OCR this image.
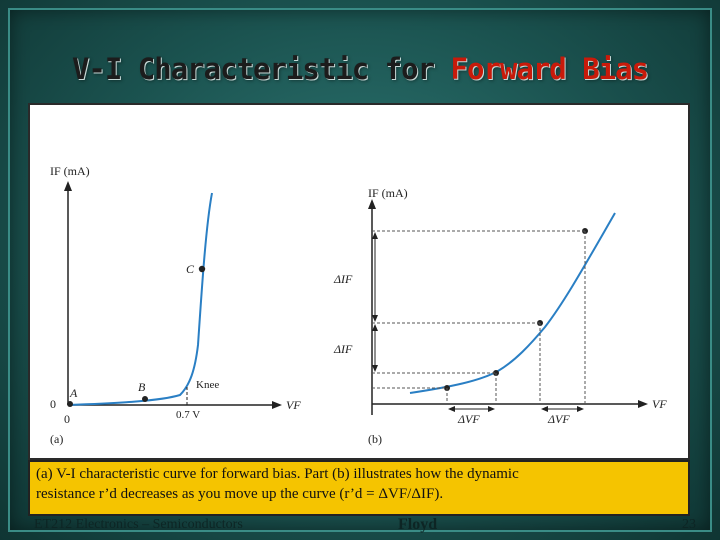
V-I Characteristic for Forward Bias
IF (mA)
VF
A	B
C
Knee
0.7 V
0
0
(a)
IF (mA)
VF
ΔIF
ΔIF
ΔVF	ΔVF
(b)
(a) V-I characteristic curve for forward bias. Part (b) illustrates how the dynamic
resistance r’d decreases as you move up the curve (r’d = ΔVF/ΔIF).
ET212 Electronics – Semiconductors	Floyd	23
